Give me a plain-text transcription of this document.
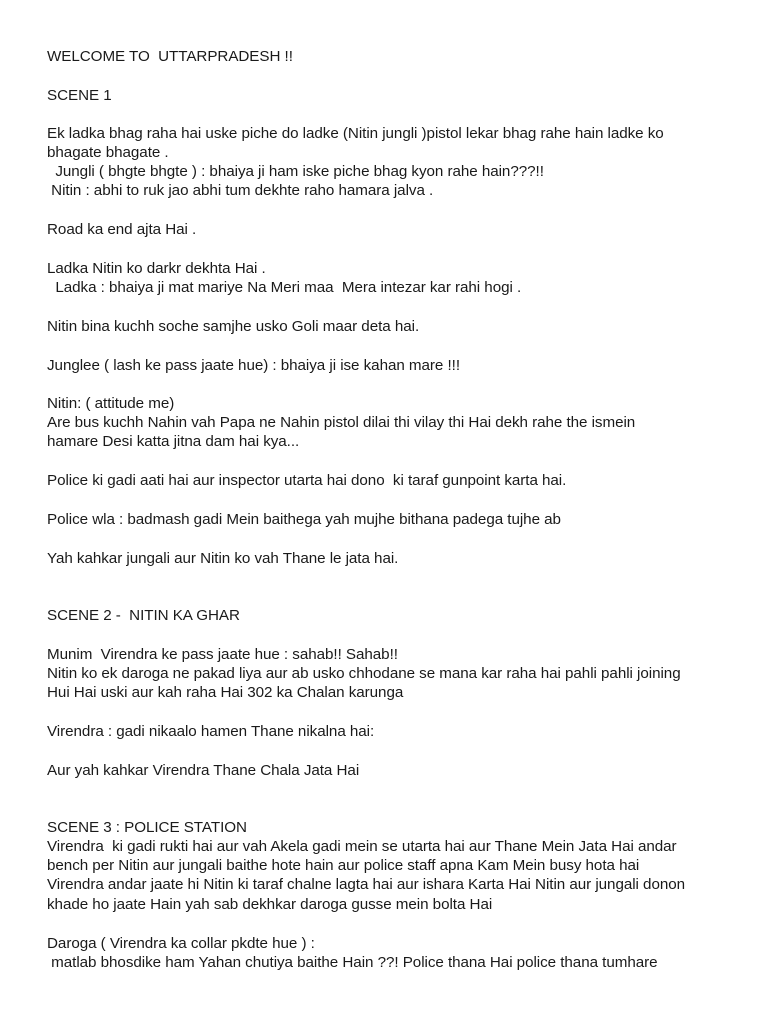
WELCOME TO  UTTARPRADESH !!
SCENE 1
Ek ladka bhag raha hai uske piche do ladke (Nitin jungli )pistol lekar bhag rahe hain ladke ko
bhagate bhagate .
Jungli ( bhgte bhgte ) : bhaiya ji ham iske piche bhag kyon rahe hain???!!
Nitin : abhi to ruk jao abhi tum dekhte raho hamara jalva .
Road ka end ajta Hai .
Ladka Nitin ko darkr dekhta Hai .
Ladka : bhaiya ji mat mariye Na Meri maa  Mera intezar kar rahi hogi .
Nitin bina kuchh soche samjhe usko Goli maar deta hai.
Junglee ( lash ke pass jaate hue) : bhaiya ji ise kahan mare !!!
Nitin: ( attitude me)
Are bus kuchh Nahin vah Papa ne Nahin pistol dilai thi vilay thi Hai dekh rahe the ismein
hamare Desi katta jitna dam hai kya...
Police ki gadi aati hai aur inspector utarta hai dono  ki taraf gunpoint karta hai.
Police wla : badmash gadi Mein baithega yah mujhe bithana padega tujhe ab
Yah kahkar jungali aur Nitin ko vah Thane le jata hai.
SCENE 2 -  NITIN KA GHAR
Munim  Virendra ke pass jaate hue : sahab!! Sahab!!
Nitin ko ek daroga ne pakad liya aur ab usko chhodane se mana kar raha hai pahli pahli joining
Hui Hai uski aur kah raha Hai 302 ka Chalan karunga
Virendra : gadi nikaalo hamen Thane nikalna hai:
Aur yah kahkar Virendra Thane Chala Jata Hai
SCENE 3 : POLICE STATION
Virendra  ki gadi rukti hai aur vah Akela gadi mein se utarta hai aur Thane Mein Jata Hai andar
bench per Nitin aur jungali baithe hote hain aur police staff apna Kam Mein busy hota hai
Virendra andar jaate hi Nitin ki taraf chalne lagta hai aur ishara Karta Hai Nitin aur jungali donon
khade ho jaate Hain yah sab dekhkar daroga gusse mein bolta Hai
Daroga ( Virendra ka collar pkdte hue ) :
matlab bhosdike ham Yahan chutiya baithe Hain ??! Police thana Hai police thana tumhare
